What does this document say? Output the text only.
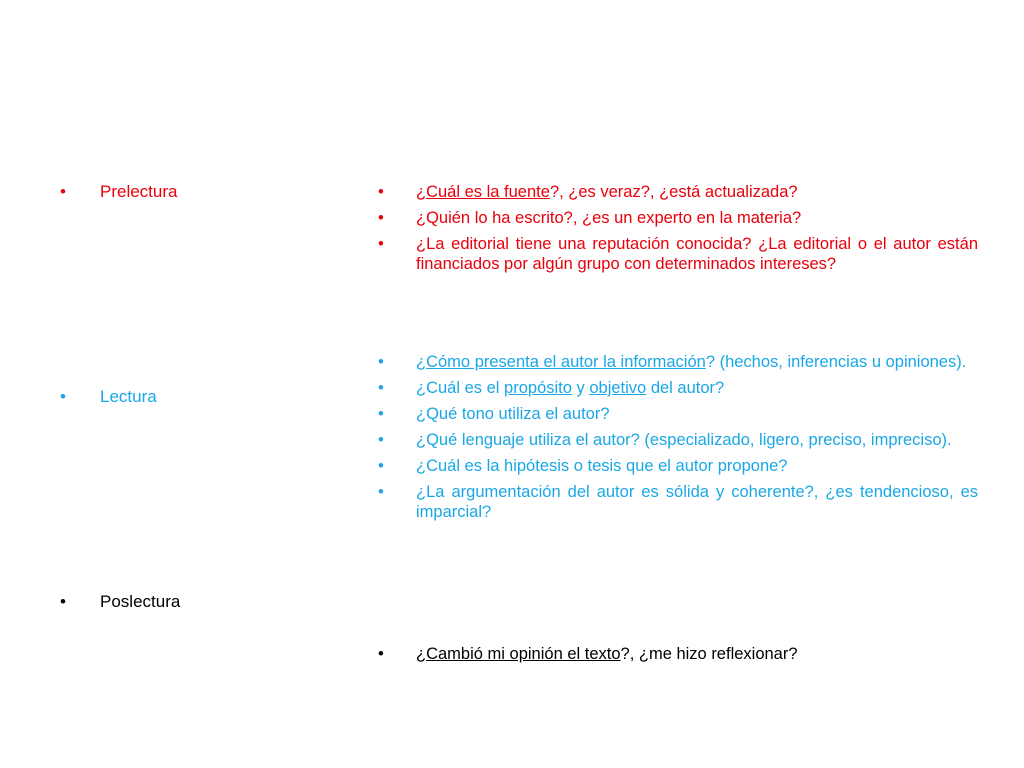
• Prelectura
• Lectura
• Poslectura
• ¿Cuál es la fuente?, ¿es veraz?, ¿está actualizada?
• ¿Quién lo ha escrito?, ¿es un experto en la materia?
• ¿La editorial tiene una reputación conocida? ¿La editorial o el autor están financiados por algún grupo con determinados intereses?
• ¿Cómo presenta el autor la información? (hechos, inferencias u opiniones).
• ¿Cuál es el propósito y objetivo del autor?
• ¿Qué tono utiliza el autor?
• ¿Qué lenguaje utiliza el autor? (especializado, ligero, preciso, impreciso).
• ¿Cuál es la hipótesis o tesis que el autor propone?
• ¿La argumentación del autor es sólida y coherente?, ¿es tendencioso, es imparcial?
• ¿Cambió mi opinión el texto?, ¿me hizo reflexionar?
